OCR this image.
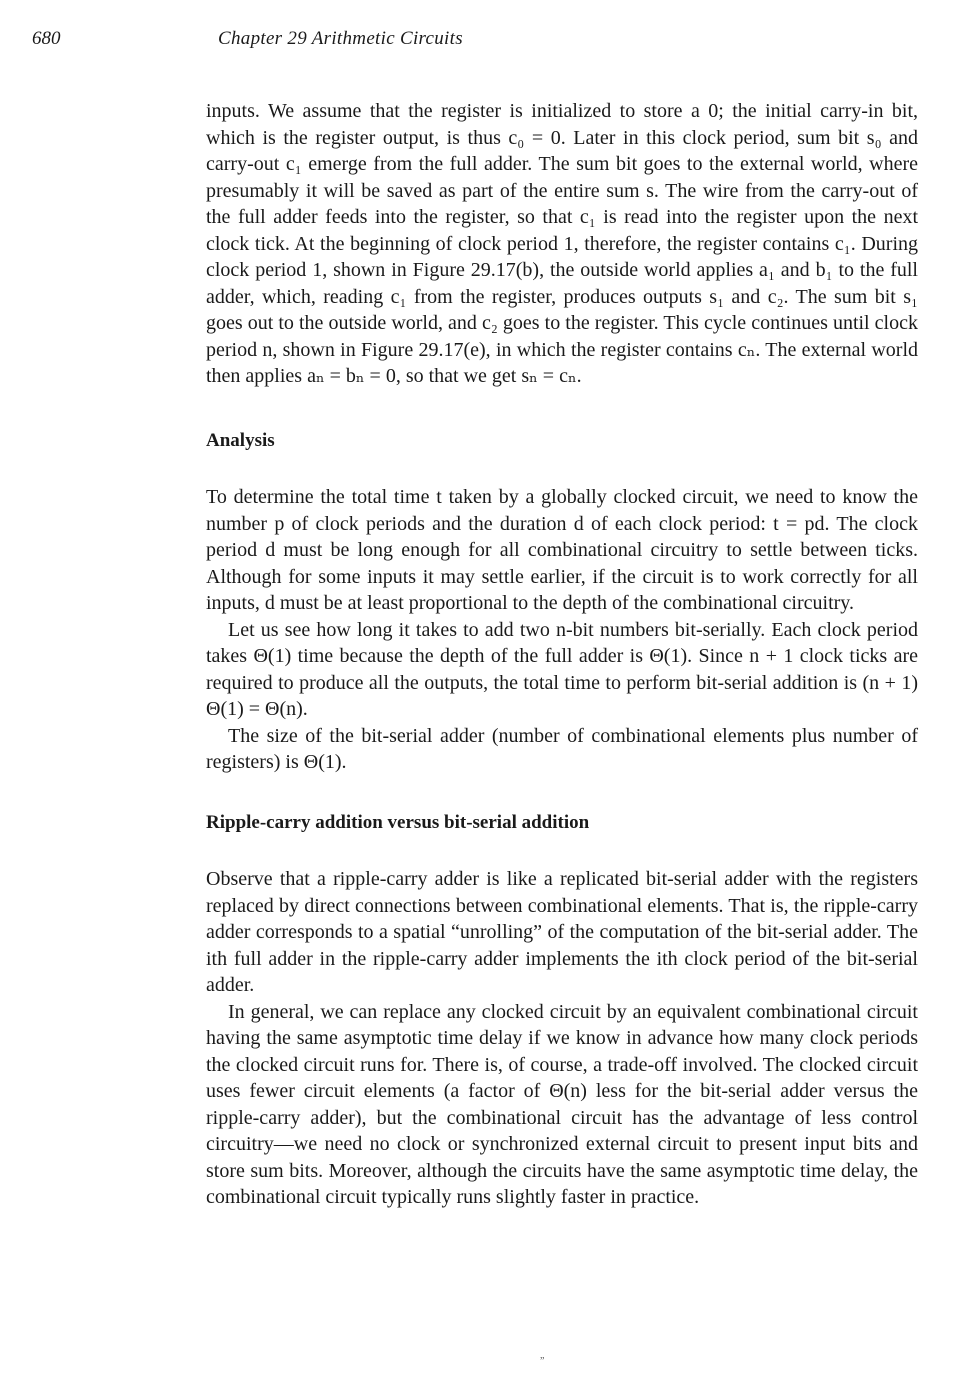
680	Chapter 29 Arithmetic Circuits

inputs. We assume that the register is initialized to store a 0; the initial carry-in bit, which is the register output, is thus c₀ = 0. Later in this clock period, sum bit s₀ and carry-out c₁ emerge from the full adder. The sum bit goes to the external world, where presumably it will be saved as part of the entire sum s. The wire from the carry-out of the full adder feeds into the register, so that c₁ is read into the register upon the next clock tick. At the beginning of clock period 1, therefore, the register contains c₁. During clock period 1, shown in Figure 29.17(b), the outside world applies a₁ and b₁ to the full adder, which, reading c₁ from the register, produces outputs s₁ and c₂. The sum bit s₁ goes out to the outside world, and c₂ goes to the register. This cycle continues until clock period n, shown in Figure 29.17(e), in which the register contains cₙ. The external world then applies aₙ = bₙ = 0, so that we get sₙ = cₙ.

Analysis

To determine the total time t taken by a globally clocked circuit, we need to know the number p of clock periods and the duration d of each clock period: t = pd. The clock period d must be long enough for all combinational circuitry to settle between ticks. Although for some inputs it may settle earlier, if the circuit is to work correctly for all inputs, d must be at least proportional to the depth of the combinational circuitry.

Let us see how long it takes to add two n-bit numbers bit-serially. Each clock period takes Θ(1) time because the depth of the full adder is Θ(1). Since n + 1 clock ticks are required to produce all the outputs, the total time to perform bit-serial addition is (n + 1) Θ(1) = Θ(n).

The size of the bit-serial adder (number of combinational elements plus number of registers) is Θ(1).

Ripple-carry addition versus bit-serial addition

Observe that a ripple-carry adder is like a replicated bit-serial adder with the registers replaced by direct connections between combinational elements. That is, the ripple-carry adder corresponds to a spatial “unrolling” of the computation of the bit-serial adder. The ith full adder in the ripple-carry adder implements the ith clock period of the bit-serial adder.

In general, we can replace any clocked circuit by an equivalent combinational circuit having the same asymptotic time delay if we know in advance how many clock periods the clocked circuit runs for. There is, of course, a trade-off involved. The clocked circuit uses fewer circuit elements (a factor of Θ(n) less for the bit-serial adder versus the ripple-carry adder), but the combinational circuit has the advantage of less control circuitry—we need no clock or synchronized external circuit to present input bits and store sum bits. Moreover, although the circuits have the same asymptotic time delay, the combinational circuit typically runs slightly faster in practice.

„
